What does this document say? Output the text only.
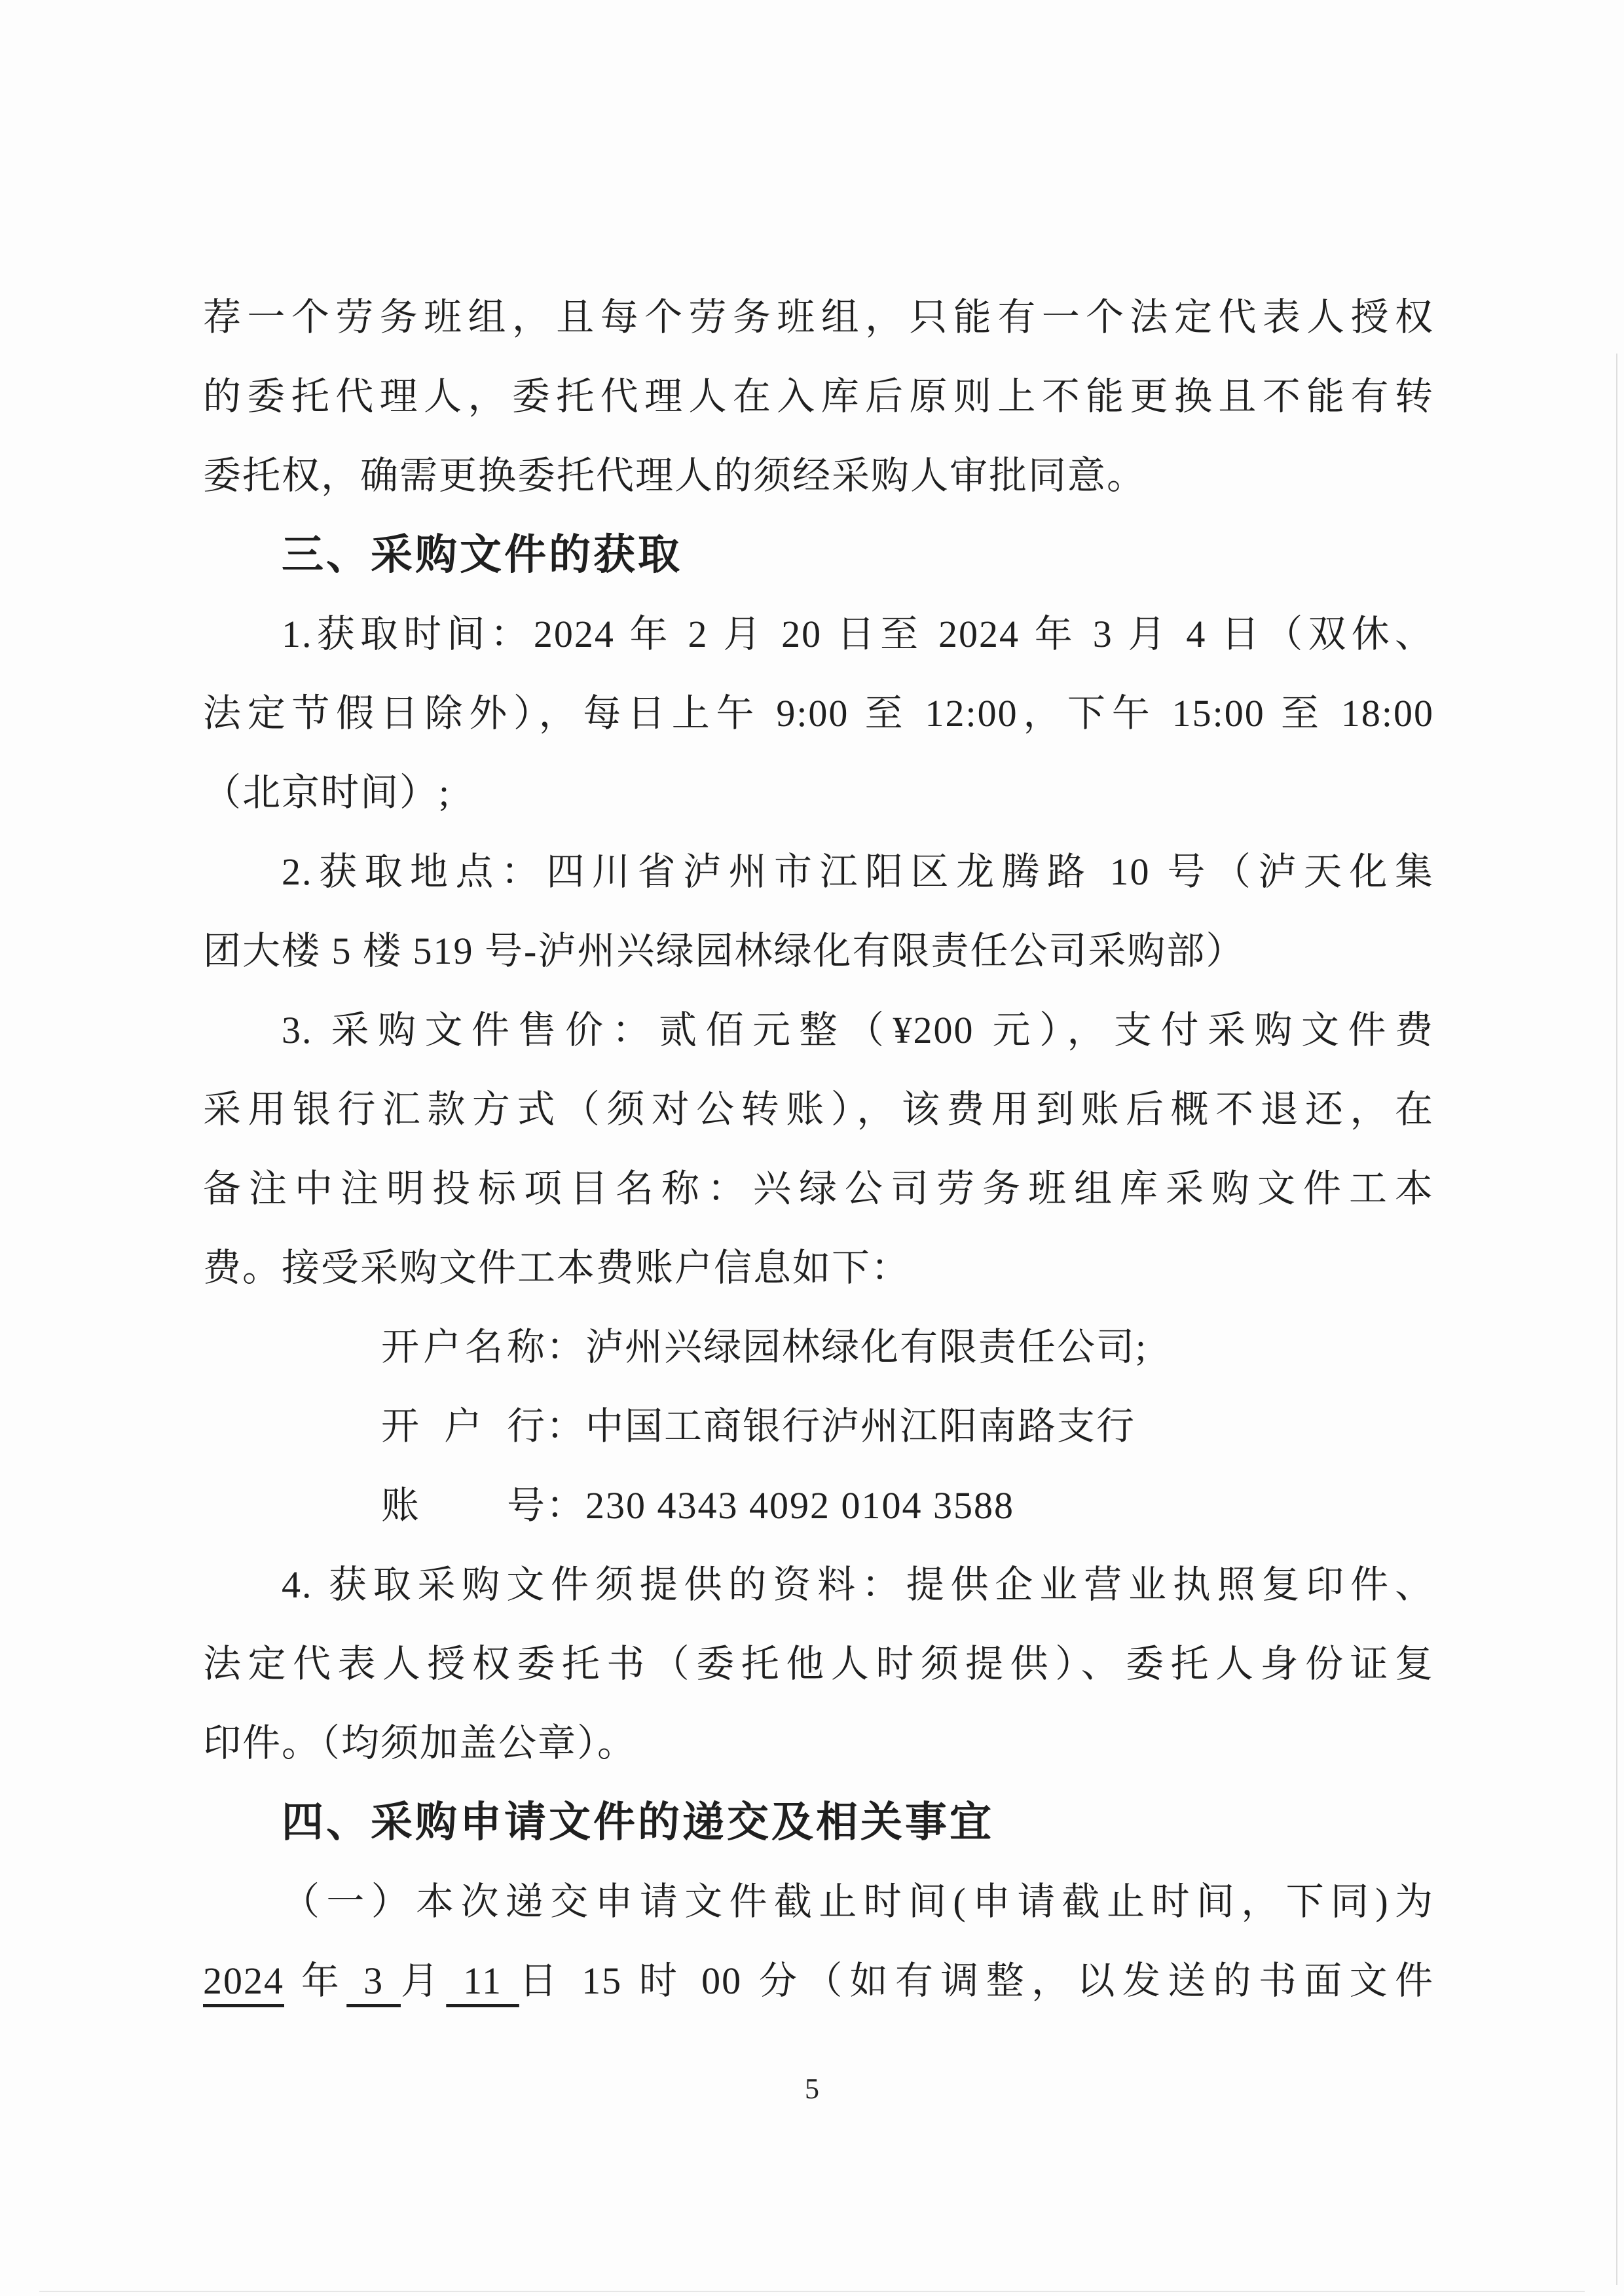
荐一个劳务班组，且每个劳务班组，只能有一个法定代表人授权
的委托代理人，委托代理人在入库后原则上不能更换且不能有转
委托权，确需更换委托代理人的须经采购人审批同意。
三、采购文件的获取
1.获取时间：2024 年 2 月 20 日至 2024 年 3 月 4 日（双休、
法定节假日除外），每日上午 9:00 至 12:00，下午 15:00 至 18:00
（北京时间）;
2.获取地点：四川省泸州市江阳区龙腾路 10 号（泸天化集
团大楼 5 楼 519 号-泸州兴绿园林绿化有限责任公司采购部）
3. 采购文件售价：贰佰元整（¥200 元），支付采购文件费
采用银行汇款方式（须对公转账），该费用到账后概不退还，在
备注中注明投标项目名称：兴绿公司劳务班组库采购文件工本
费。接受采购文件工本费账户信息如下：
开 户 名 称 ：泸州兴绿园林绿化有限责任公司;
开 户 行 ：中国工商银行泸州江阳南路支行
账 号 ：230 4343 4092 0104 3588
4. 获取采购文件须提供的资料：提供企业营业执照复印件、
法定代表人授权委托书（委托他人时须提供）、委托人身份证复
印件。（均须加盖公章）。
四、采购申请文件的递交及相关事宜
（一）本次递交申请文件截止时间(申请截止时间，下同)为
2024 年 3 月 11 日 15 时 00 分（如有调整，以发送的书面文件
5
